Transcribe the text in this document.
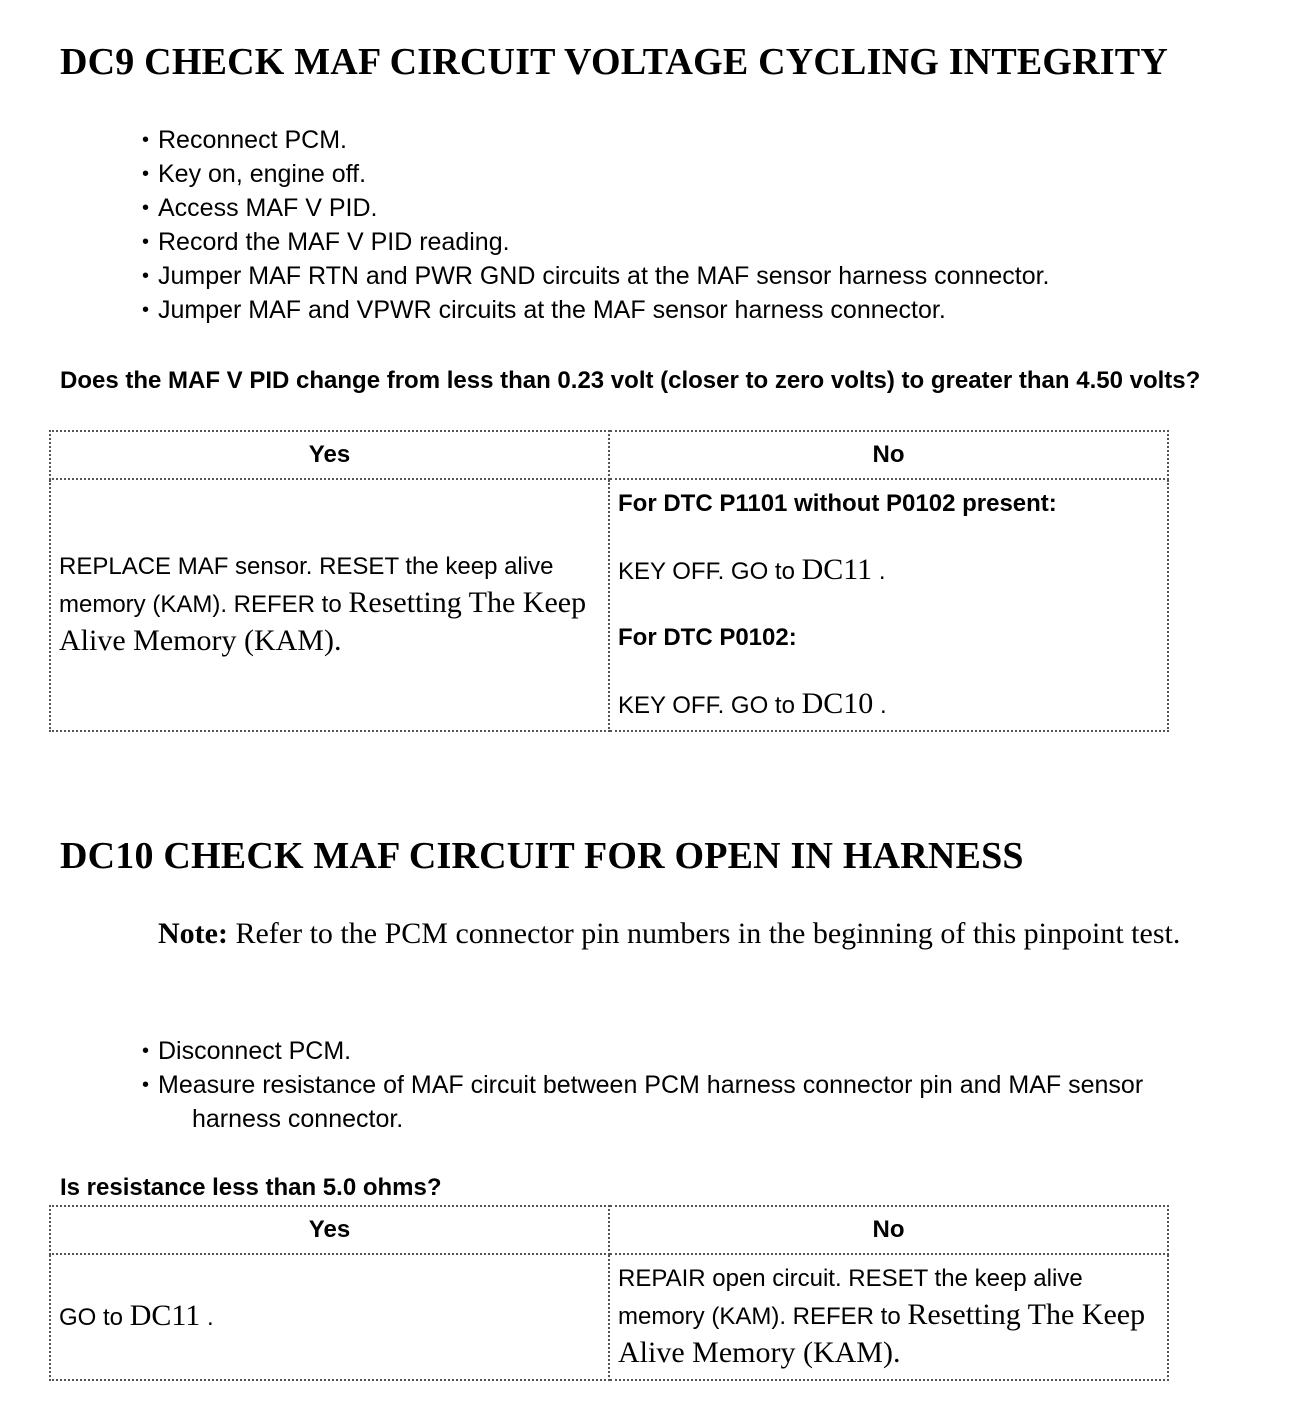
DC9 CHECK MAF CIRCUIT VOLTAGE CYCLING INTEGRITY
• Reconnect PCM.
• Key on, engine off.
• Access MAF V PID.
• Record the MAF V PID reading.
• Jumper MAF RTN and PWR GND circuits at the MAF sensor harness connector.
• Jumper MAF and VPWR circuits at the MAF sensor harness connector.

Does the MAF V PID change from less than 0.23 volt (closer to zero volts) to greater than 4.50 volts?

Yes	No
REPLACE MAF sensor. RESET the keep alive memory (KAM). REFER to Resetting The Keep Alive Memory (KAM).	For DTC P1101 without P0102 present:

KEY OFF. GO to DC11 .

For DTC P0102:

KEY OFF. GO to DC10 .

DC10 CHECK MAF CIRCUIT FOR OPEN IN HARNESS
Note: Refer to the PCM connector pin numbers in the beginning of this pinpoint test.
• Disconnect PCM.
• Measure resistance of MAF circuit between PCM harness connector pin and MAF sensor
harness connector.

Is resistance less than 5.0 ohms?

Yes	No
GO to DC11 .	REPAIR open circuit. RESET the keep alive memory (KAM). REFER to Resetting The Keep Alive Memory (KAM).
